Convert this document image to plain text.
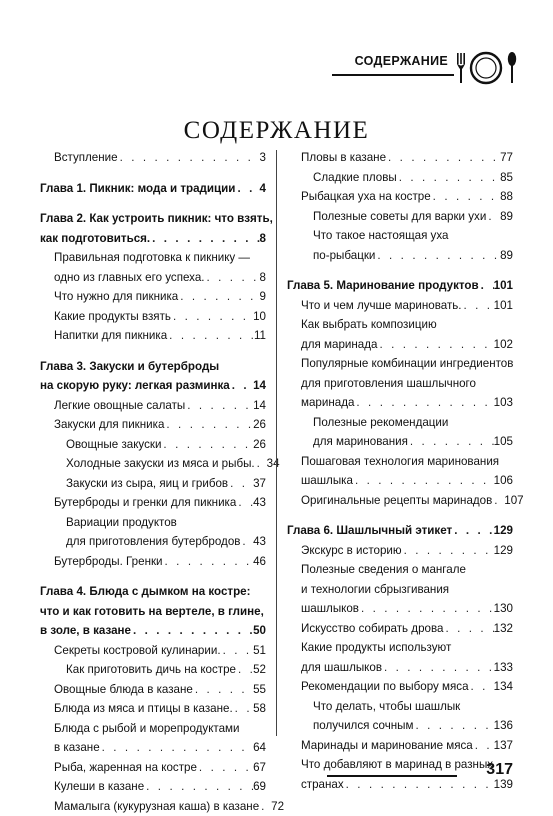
СОДЕРЖАНИЕ
СОДЕРЖАНИЕ
Вступление . . .	3
Глава 1. Пикник: мода и традиции . . . 4
Глава 2. Как устроить пикник: что взять,
как подготовиться. . . .	8
Правильная подготовка к пикнику —
одно из главных его успеха. . . .	8
Что нужно для пикника . . .	9
Какие продукты взять . . .	10
Напитки для пикника . . .	11
Глава 3. Закуски и бутерброды
на скорую руку: легкая разминка . . . 14
Легкие овощные салаты . . .	14
Закуски для пикника . . .	26
Овощные закуски . . .	26
Холодные закуски из мяса и рыбы. . . . 34
Закуски из сыра, яиц и грибов . . . 37
Бутерброды и гренки для пикника . . . 43
Вариации продуктов
для приготовления бутербродов . . . 43
Бутерброды. Гренки . . .	46
Глава 4. Блюда с дымком на костре:
что и как готовить на вертеле, в глине,
в золе, в казане . . .	50
Секреты костровой кулинарии. . . .	51
Как приготовить дичь на костре . . . 52
Овощные блюда в казане . . .	55
Блюда из мяса и птицы в казане. . . . 58
Блюда с рыбой и морепродуктами
в казане . . .	64
Рыба, жаренная на костре . . .	67
Кулеши в казане . . .	69
Мамалыга (кукурузная каша) в казане . . . 72
Пловы в казане . . .	77
Сладкие пловы . . .	85
Рыбацкая уха на костре . . .	88
Полезные советы для варки ухи . . . 89
Что такое настоящая уха
по-рыбацки . . .	89
Глава 5. Маринование продуктов . . . 101
Что и чем лучше мариновать. . . .	101
Как выбрать композицию
для маринада . . .	102
Популярные комбинации ингредиентов
для приготовления шашлычного
маринада . . .	103
Полезные рекомендации
для маринования . . .	105
Пошаговая технология маринования
шашлыка . . .	106
Оригинальные рецепты маринадов . . . 107
Глава 6. Шашлычный этикет . . .	129
Экскурс в историю . . .	129
Полезные сведения о мангале
и технологии сбрызгивания
шашлыков . . .	130
Искусство собирать дрова . . .	132
Какие продукты используют
для шашлыков . . .	133
Рекомендации по выбору мяса . . . 134
Что делать, чтобы шашлык
получился сочным . . .	136
Маринады и маринование мяса . . . 137
Что добавляют в маринад в разных
странах . . .	139
317
